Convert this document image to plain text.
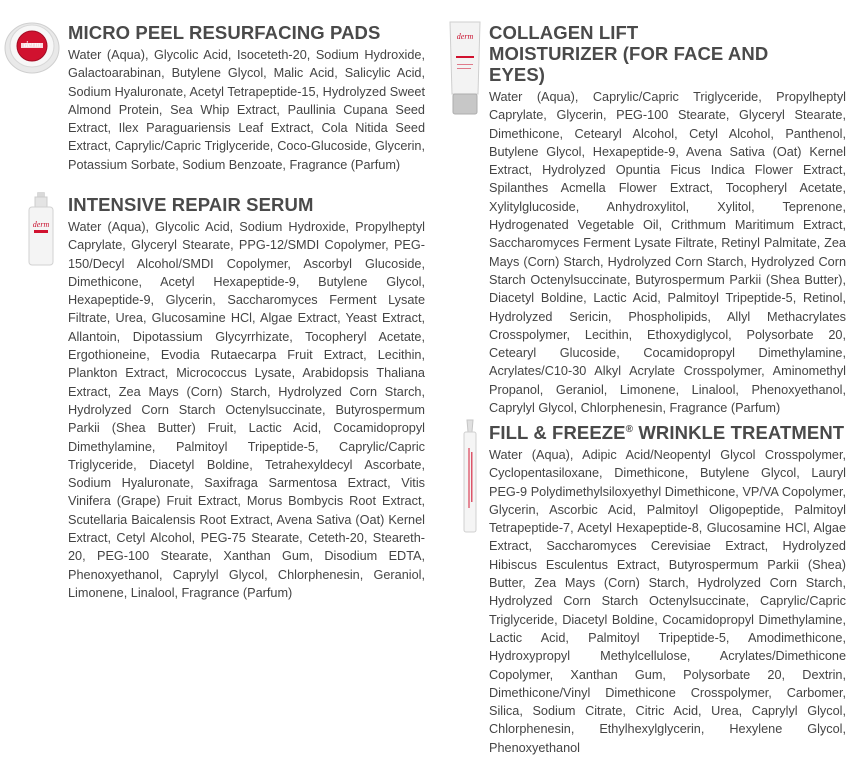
derm
derm
derm
MICRO PEEL RESURFACING PADS

Water (Aqua), Glycolic Acid, Isoceteth-20, Sodium Hydroxide, Galactoarabinan, Butylene Glycol, Malic Acid, Salicylic Acid, Sodium Hyaluronate, Acetyl Tetrapeptide-15, Hydrolyzed Sweet Almond Protein, Sea Whip Extract, Paullinia Cupana Seed Extract, Ilex Paraguariensis Leaf Extract, Cola Nitida Seed Extract, Caprylic/Capric Triglyceride, Coco-Glucoside, Glycerin, Potassium Sorbate, Sodium Benzoate, Fragrance (Parfum)

INTENSIVE REPAIR SERUM

Water (Aqua), Glycolic Acid, Sodium Hydroxide, Propylheptyl Caprylate, Glyceryl Stearate, PPG-12/SMDI Copolymer, PEG-150/Decyl Alcohol/SMDI Copolymer, Ascorbyl Glucoside, Dimethicone, Acetyl Hexapeptide-9, Butylene Glycol, Hexapeptide-9, Glycerin, Saccharomyces Ferment Lysate Filtrate, Urea, Glucosamine HCl, Algae Extract, Yeast Extract, Allantoin, Dipotassium Glycyrrhizate, Tocopheryl Acetate, Ergothioneine, Evodia Rutaecarpa Fruit Extract, Lecithin, Plankton Extract, Micrococcus Lysate, Arabidopsis Thaliana Extract, Zea Mays (Corn) Starch, Hydrolyzed Corn Starch, Hydrolyzed Corn Starch Octenylsuccinate, Butyrospermum Parkii (Shea Butter) Fruit, Lactic Acid, Cocamidopropyl Dimethylamine, Palmitoyl Tripeptide-5, Caprylic/Capric Triglyceride, Diacetyl Boldine, Tetrahexyldecyl Ascorbate, Sodium Hyaluronate, Saxifraga Sarmentosa Extract, Vitis Vinifera (Grape) Fruit Extract, Morus Bombycis Root Extract, Scutellaria Baicalensis Root Extract, Avena Sativa (Oat) Kernel Extract, Cetyl Alcohol, PEG-75 Stearate, Ceteth-20, Steareth-20, PEG-100 Stearate, Xanthan Gum, Disodium EDTA, Phenoxyethanol, Caprylyl Glycol, Chlorphenesin, Geraniol, Limonene, Linalool, Fragrance (Parfum)

COLLAGEN LIFT MOISTURIZER (FOR FACE AND EYES)

Water (Aqua), Caprylic/Capric Triglyceride, Propylheptyl Caprylate, Glycerin, PEG-100 Stearate, Glyceryl Stearate, Dimethicone, Cetearyl Alcohol, Cetyl Alcohol, Panthenol, Butylene Glycol, Hexapeptide-9, Avena Sativa (Oat) Kernel Extract, Hydrolyzed Opuntia Ficus Indica Flower Extract, Spilanthes Acmella Flower Extract, Tocopheryl Acetate, Xylitylglucoside, Anhydroxylitol, Xylitol, Teprenone, Hydrogenated Vegetable Oil, Crithmum Maritimum Extract, Saccharomyces Ferment Lysate Filtrate, Retinyl Palmitate, Zea Mays (Corn) Starch, Hydrolyzed Corn Starch, Hydrolyzed Corn Starch Octenylsuccinate, Butyrospermum Parkii (Shea Butter), Diacetyl Boldine, Lactic Acid, Palmitoyl Tripeptide-5, Retinol, Hydrolyzed Sericin, Phospholipids, Allyl Methacrylates Crosspolymer, Lecithin, Ethoxydiglycol, Polysorbate 20, Cetearyl Glucoside, Cocamidopropyl Dimethylamine, Acrylates/C10-30 Alkyl Acrylate Crosspolymer, Aminomethyl Propanol, Geraniol, Limonene, Linalool, Phenoxyethanol, Caprylyl Glycol, Chlorphenesin, Fragrance (Parfum)

FILL & FREEZE® WRINKLE TREATMENT

Water (Aqua), Adipic Acid/Neopentyl Glycol Crosspolymer, Cyclopentasiloxane, Dimethicone, Butylene Glycol, Lauryl PEG-9 Polydimethylsiloxyethyl Dimethicone, VP/VA Copolymer, Glycerin, Ascorbic Acid, Palmitoyl Oligopeptide, Palmitoyl Tetrapeptide-7, Acetyl Hexapeptide-8, Glucosamine HCl, Algae Extract, Saccharomyces Cerevisiae Extract, Hydrolyzed Hibiscus Esculentus Extract, Butyrospermum Parkii (Shea) Butter, Zea Mays (Corn) Starch, Hydrolyzed Corn Starch, Hydrolyzed Corn Starch Octenylsuccinate, Caprylic/Capric Triglyceride, Diacetyl Boldine, Cocamidopropyl Dimethylamine, Lactic Acid, Palmitoyl Tripeptide-5, Amodimethicone, Hydroxypropyl Methylcellulose, Acrylates/Dimethicone Copolymer, Xanthan Gum, Polysorbate 20, Dextrin, Dimethicone/Vinyl Dimethicone Crosspolymer, Carbomer, Silica, Sodium Citrate, Citric Acid, Urea, Caprylyl Glycol, Chlorphenesin, Ethylhexylglycerin, Hexylene Glycol, Phenoxyethanol
